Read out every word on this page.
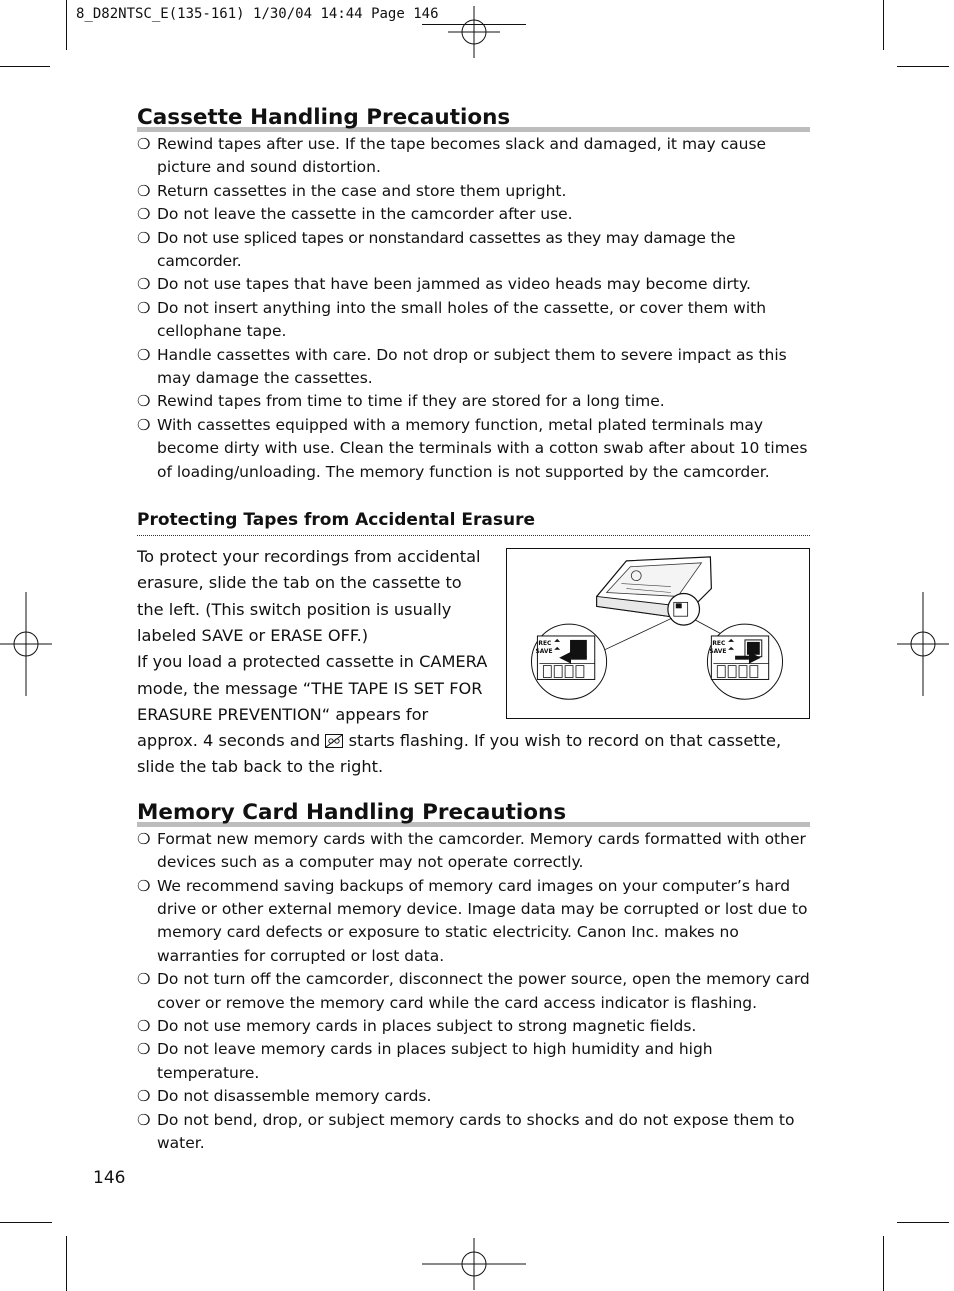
8_D82NTSC_E(135-161) 1/30/04 14:44 Page 146
Cassette Handling Precautions
❍ Rewind tapes after use. If the tape becomes slack and damaged, it may cause picture and sound distortion.
❍ Return cassettes in the case and store them upright.
❍ Do not leave the cassette in the camcorder after use.
❍ Do not use spliced tapes or nonstandard cassettes as they may damage the camcorder.
❍ Do not use tapes that have been jammed as video heads may become dirty.
❍ Do not insert anything into the small holes of the cassette, or cover them with cellophane tape.
❍ Handle cassettes with care. Do not drop or subject them to severe impact as this may damage the cassettes.
❍ Rewind tapes from time to time if they are stored for a long time.
❍ With cassettes equipped with a memory function, metal plated terminals may become dirty with use. Clean the terminals with a cotton swab after about 10 times of loading/unloading. The memory function is not supported by the camcorder.
Protecting Tapes from Accidental Erasure
REC
SAVE
REC
SAVE
To protect your recordings from accidental erasure, slide the tab on the cassette to the left. (This switch position is usually labeled SAVE or ERASE OFF.)
If you load a protected cassette in CAMERA mode, the message “THE TAPE IS SET FOR ERASURE PREVENTION“ appears for approx. 4 seconds and starts flashing. If you wish to record on that cassette, slide the tab back to the right.
Memory Card Handling Precautions
❍ Format new memory cards with the camcorder. Memory cards formatted with other devices such as a computer may not operate correctly.
❍ We recommend saving backups of memory card images on your computer’s hard drive or other external memory device. Image data may be corrupted or lost due to memory card defects or exposure to static electricity. Canon Inc. makes no warranties for corrupted or lost data.
❍ Do not turn off the camcorder, disconnect the power source, open the memory card cover or remove the memory card while the card access indicator is flashing.
❍ Do not use memory cards in places subject to strong magnetic fields.
❍ Do not leave memory cards in places subject to high humidity and high temperature.
❍ Do not disassemble memory cards.
❍ Do not bend, drop, or subject memory cards to shocks and do not expose them to water.
146
